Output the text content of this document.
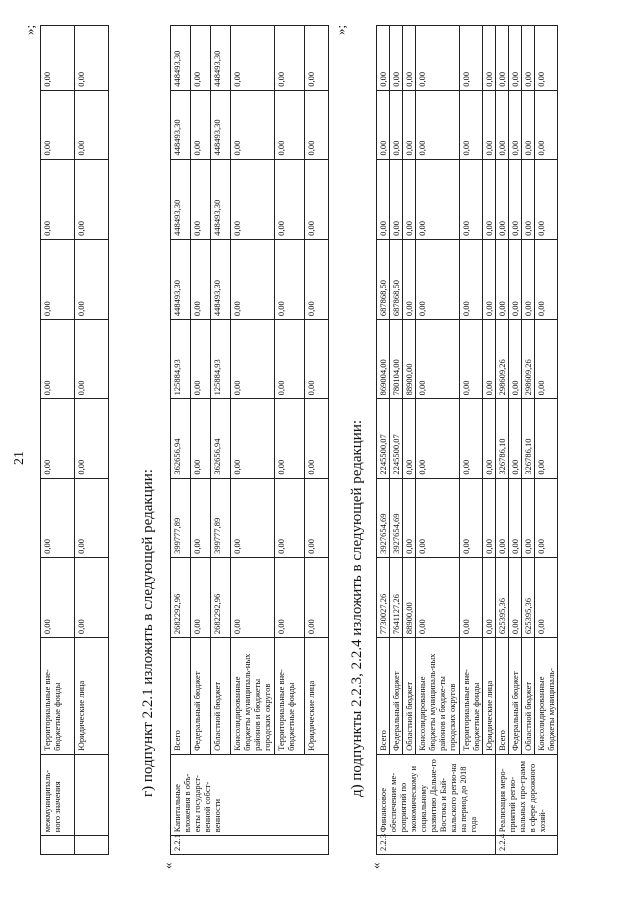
21
	межмуниципаль-ного значения	Территориальные вне-бюджетные фонды	0,00	0,00	0,00	0,00	0,00	0,00	0,00	0,00
		Юридические лица	0,00	0,00	0,00	0,00	0,00	0,00	0,00	0,00
»;
г) подпункт 2.2.1 изложить в следующей редакции:
«
2.2.1	Капитальные вложения в объ-екты государст-венной собст-венности	Всего	2682292,96	399777,89	362656,94	125884,93	448493,30	448493,30	448493,30	448493,30
		Федеральный бюджет	0,00	0,00	0,00	0,00	0,00	0,00	0,00	0,00
		Областной бюджет	2682292,96	399777,89	362656,94	125884,93	448493,30	448493,30	448493,30	448493,30
		Консолидированные бюджеты муниципаль-ных районов и бюджеты городских округов	0,00	0,00	0,00	0,00	0,00	0,00	0,00	0,00
		Территориальные вне-бюджетные фонды	0,00	0,00	0,00	0,00	0,00	0,00	0,00	0,00
		Юридические лица	0,00	0,00	0,00	0,00	0,00	0,00	0,00	0,00
»;
д) подпункты 2.2.3, 2.2.4 изложить в следующей редакции:
«
2.2.3	Финансовое обеспечение ме-роприятий по экономическому и социальному развитию Дальне-го Востока и Бай-кальского регио-на на период до 2018 года	Всего	7730027,26	3927654,69	2245500,07	869004,00	687868,50	0,00	0,00	0,00
		Федеральный бюджет	7641127,26	3927654,69	2245500,07	780104,00	687868,50	0,00	0,00	0,00
		Областной бюджет	88900,00	0,00	0,00	88900,00	0,00	0,00	0,00	0,00
		Консолидированные бюджеты муниципаль-ных районов и бюдже-ты городских округов	0,00	0,00	0,00	0,00	0,00	0,00	0,00	0,00
		Территориальные вне-бюджетные фонды	0,00	0,00	0,00	0,00	0,00	0,00	0,00	0,00
		Юридические лица	0,00	0,00	0,00	0,00	0,00	0,00	0,00	0,00
2.2.4	Реализация меро-приятий регио-нальных про-грамм в сфере дорожного хозяй-	Всего	625395,36	0,00	326786,10	298609,26	0,00	0,00	0,00	0,00
		Федеральный бюджет	0,00	0,00	0,00	0,00	0,00	0,00	0,00	0,00
		Областной бюджет	625395,36	0,00	326786,10	298609,26	0,00	0,00	0,00	0,00
		Консолидированные бюджеты муниципаль-	0,00	0,00	0,00	0,00	0,00	0,00	0,00	0,00
